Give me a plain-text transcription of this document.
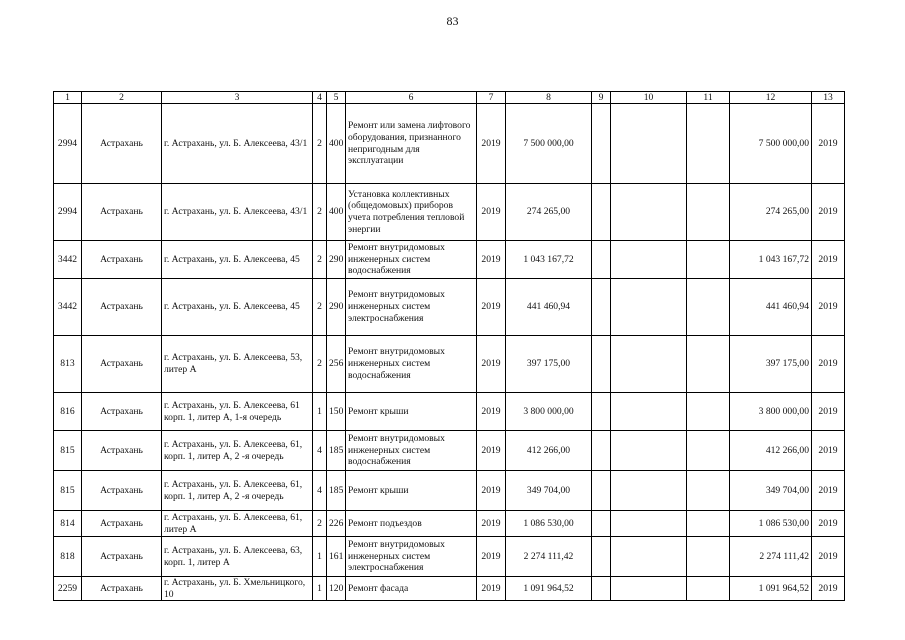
83
1	2	3	4	5	6	7	8	9	10	11	12	13
2994	Астрахань	г. Астрахань, ул. Б. Алексеева, 43/1	2	400	Ремонт или замена лифтового оборудования, признанного непригодным для эксплуатации	2019	7 500 000,00				7 500 000,00	2019
2994	Астрахань	г. Астрахань, ул. Б. Алексеева, 43/1	2	400	Установка коллективных (общедомовых) приборов учета потребления тепловой энергии	2019	274 265,00				274 265,00	2019
3442	Астрахань	г. Астрахань, ул. Б. Алексеева, 45	2	290	Ремонт внутридомовых инженерных систем водоснабжения	2019	1 043 167,72				1 043 167,72	2019
3442	Астрахань	г. Астрахань, ул. Б. Алексеева, 45	2	290	Ремонт внутридомовых инженерных систем электроснабжения	2019	441 460,94				441 460,94	2019
813	Астрахань	г. Астрахань, ул. Б. Алексеева, 53, литер А	2	256	Ремонт внутридомовых инженерных систем водоснабжения	2019	397 175,00				397 175,00	2019
816	Астрахань	г. Астрахань, ул. Б. Алексеева, 61 корп. 1, литер А, 1-я очередь	1	150	Ремонт крыши	2019	3 800 000,00				3 800 000,00	2019
815	Астрахань	г. Астрахань, ул. Б. Алексеева, 61, корп. 1, литер А, 2 -я очередь	4	185	Ремонт внутридомовых инженерных систем водоснабжения	2019	412 266,00				412 266,00	2019
815	Астрахань	г. Астрахань, ул. Б. Алексеева, 61, корп. 1, литер А, 2 -я очередь	4	185	Ремонт крыши	2019	349 704,00				349 704,00	2019
814	Астрахань	г. Астрахань, ул. Б. Алексеева, 61, литер А	2	226	Ремонт подъездов	2019	1 086 530,00				1 086 530,00	2019
818	Астрахань	г. Астрахань, ул. Б. Алексеева, 63, корп. 1, литер А	1	161	Ремонт внутридомовых инженерных систем электроснабжения	2019	2 274 111,42				2 274 111,42	2019
2259	Астрахань	г. Астрахань, ул. Б. Хмельницкого, 10	1	120	Ремонт фасада	2019	1 091 964,52				1 091 964,52	2019
